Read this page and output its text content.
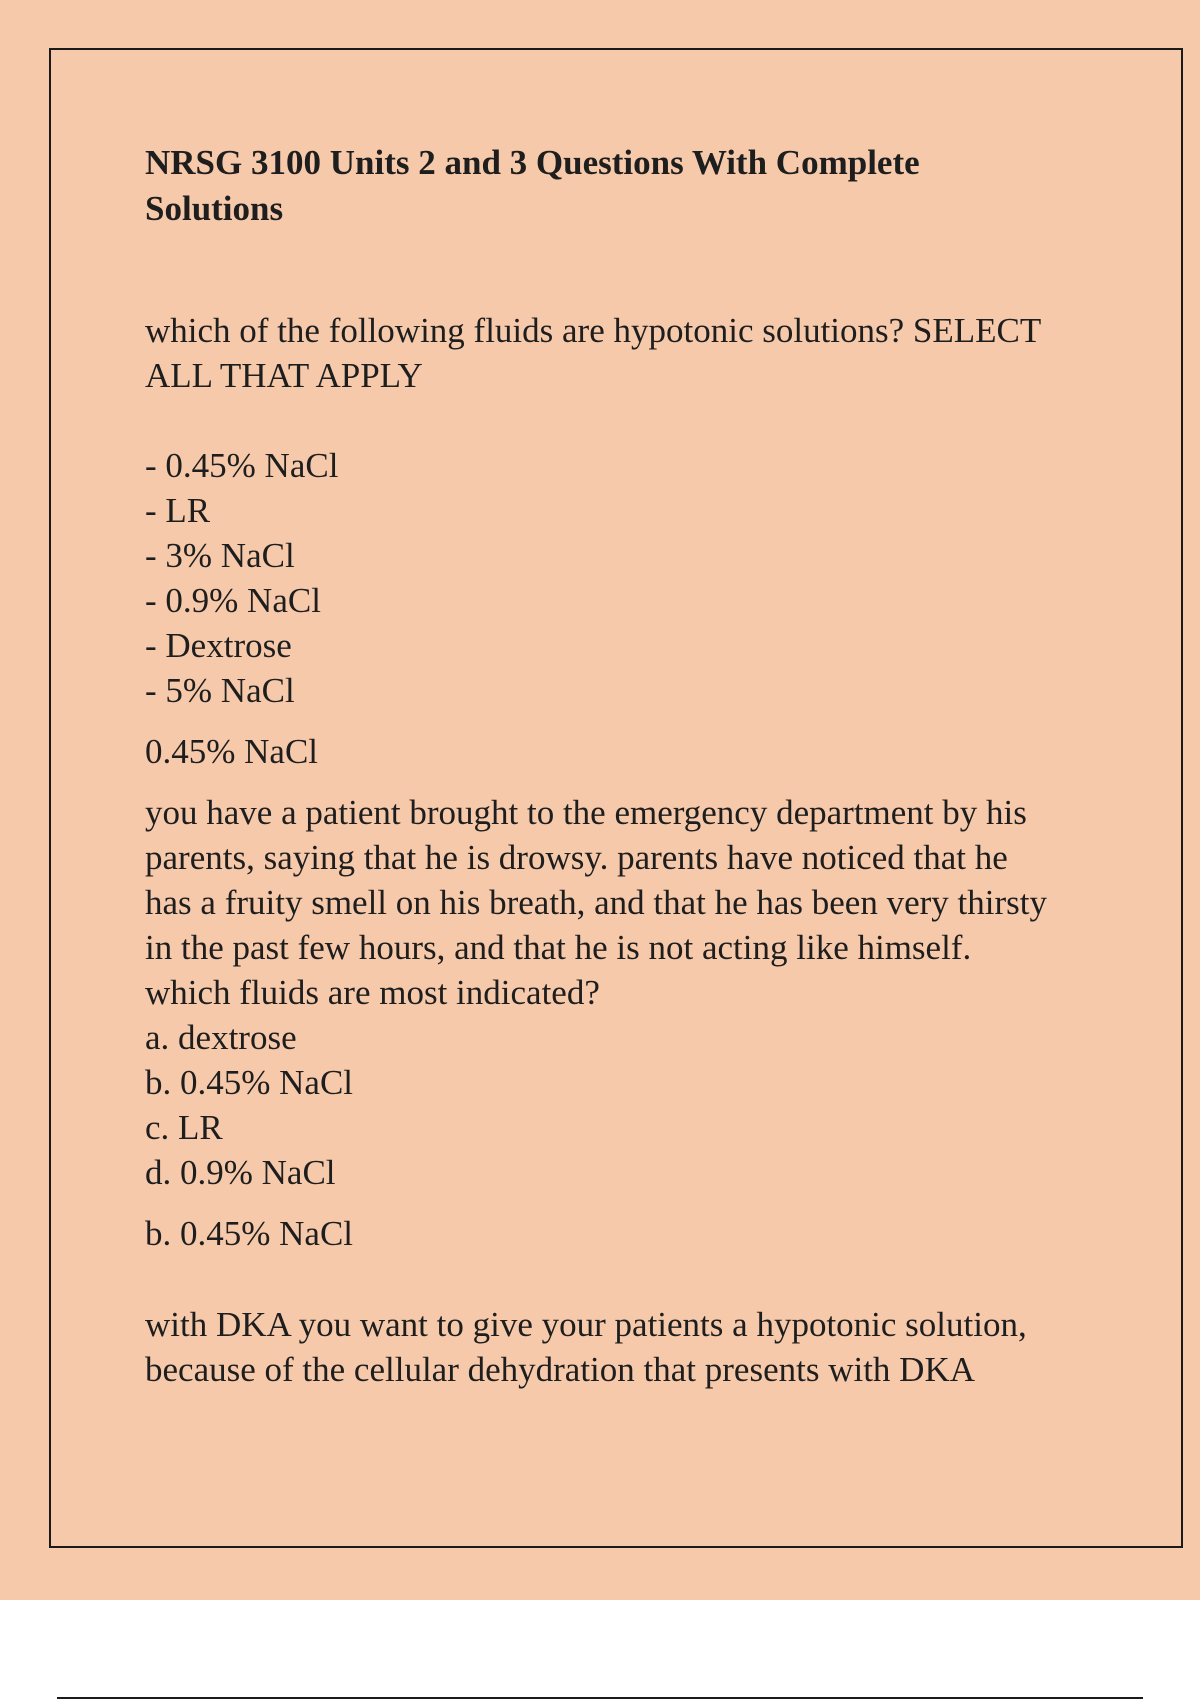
NRSG 3100 Units 2 and 3 Questions With Complete
Solutions
which of the following fluids are hypotonic solutions? SELECT
ALL THAT APPLY
- 0.45% NaCl
- LR
- 3% NaCl
- 0.9% NaCl
- Dextrose
- 5% NaCl
0.45% NaCl
you have a patient brought to the emergency department by his
parents, saying that he is drowsy. parents have noticed that he
has a fruity smell on his breath, and that he has been very thirsty
in the past few hours, and that he is not acting like himself.
which fluids are most indicated?
a. dextrose
b. 0.45% NaCl
c. LR
d. 0.9% NaCl
b. 0.45% NaCl
with DKA you want to give your patients a hypotonic solution,
because of the cellular dehydration that presents with DKA
